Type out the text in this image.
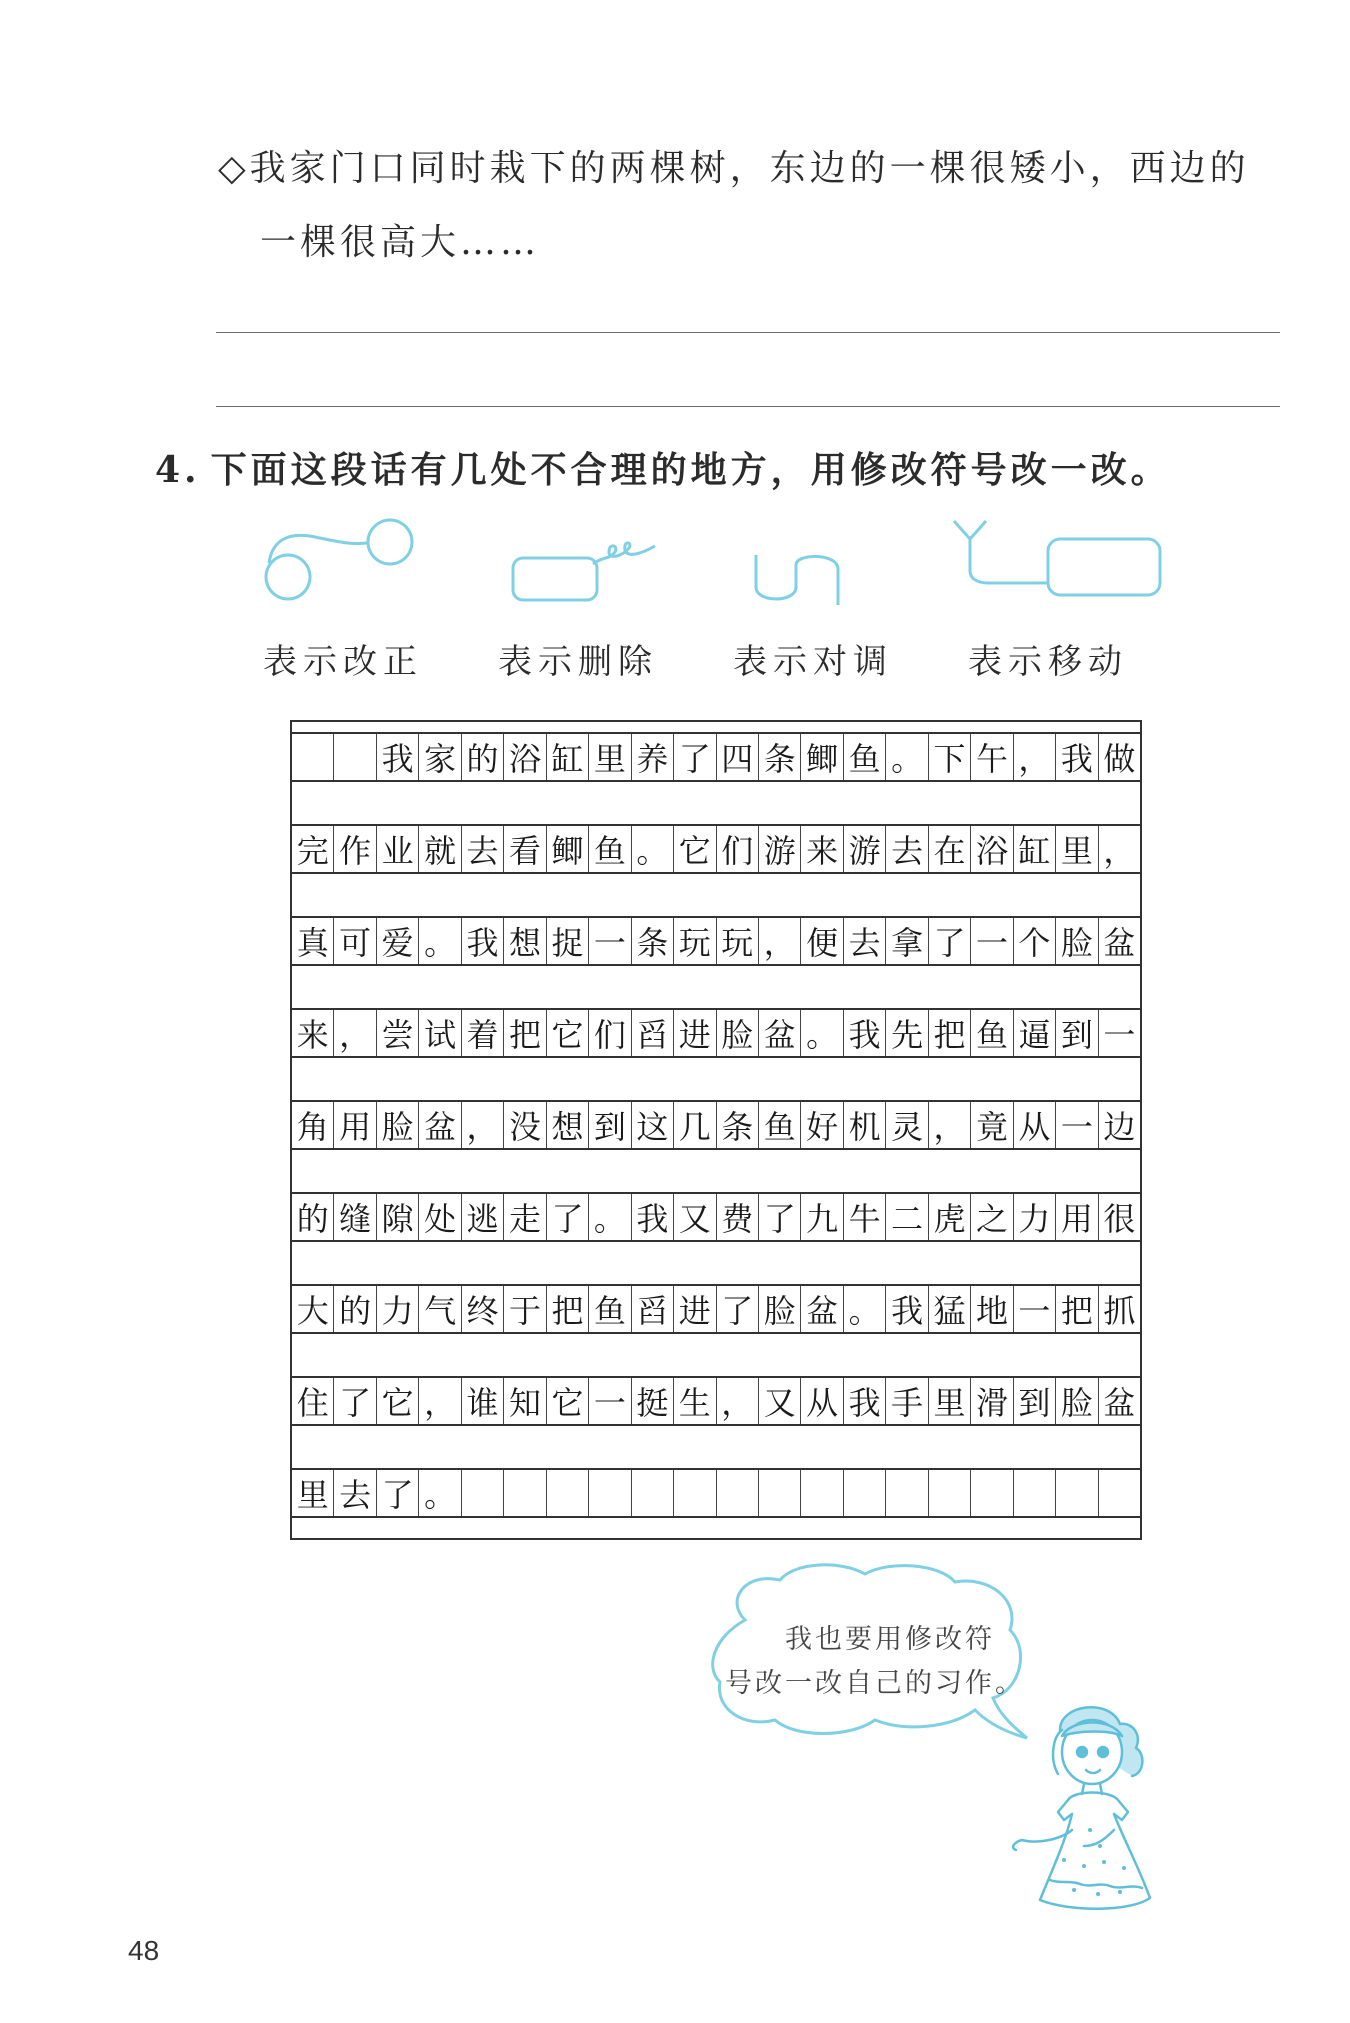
◇我家门口同时栽下的两棵树，东边的一棵很矮小，西边的
一棵很高大……
4. 下面这段话有几处不合理的地方，用修改符号改一改。
表示改正 表示删除 表示对调 表示移动
我 家 的 浴 缸 里 养 了 四 条 鲫 鱼 。 下 午 ， 我 做
完 作 业 就 去 看 鲫 鱼 。 它 们 游 来 游 去 在 浴 缸 里 ，
真 可 爱 。 我 想 捉 一 条 玩 玩 ， 便 去 拿 了 一 个 脸 盆
来 ， 尝 试 着 把 它 们 舀 进 脸 盆 。 我 先 把 鱼 逼 到 一
角 用 脸 盆 ， 没 想 到 这 几 条 鱼 好 机 灵 ， 竟 从 一 边
的 缝 隙 处 逃 走 了 。 我 又 费 了 九 牛 二 虎 之 力 用 很
大 的 力 气 终 于 把 鱼 舀 进 了 脸 盆 。 我 猛 地 一 把 抓
住 了 它 ， 谁 知 它 一 挺 生 ， 又 从 我 手 里 滑 到 脸 盆
里 去 了 。
我也要用修改符
号改一改自己的习作。
48
